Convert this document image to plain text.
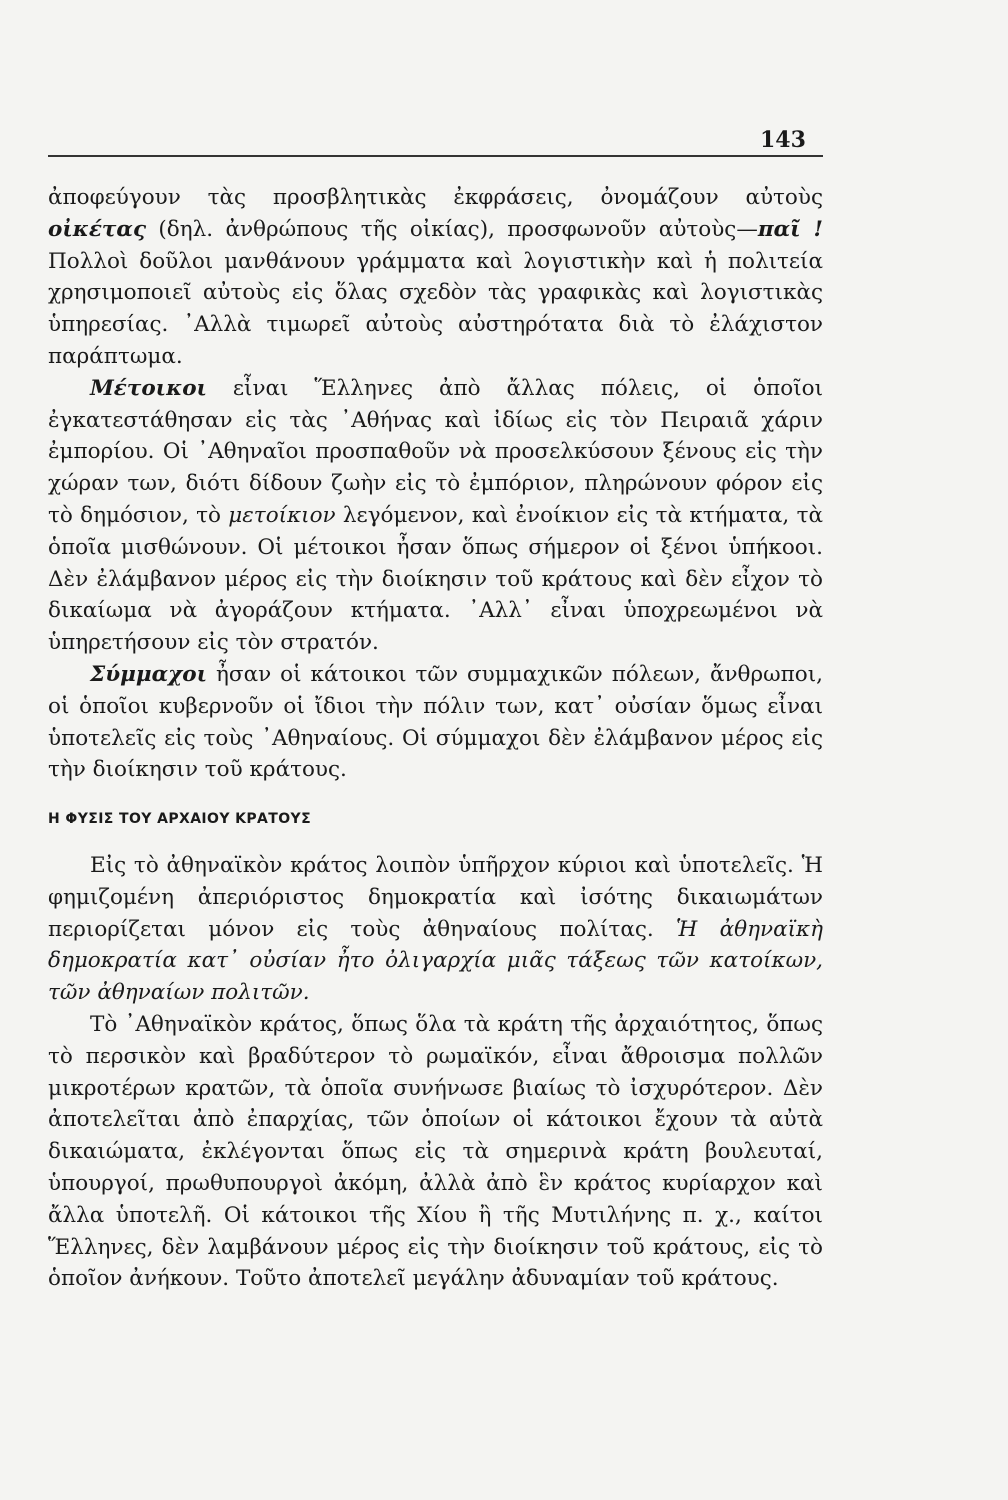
143

ἀποφεύγουν τὰς προσβλητικὰς ἐκφράσεις, ὀνομάζουν αὐτοὺς οἰκέτας (δηλ. ἀνθρώπους τῆς οἰκίας), προσφωνοῦν αὐτοὺς—παῖ ! Πολλοὶ δοῦλοι μανθάνουν γράμματα καὶ λογιστικὴν καὶ ἡ πολιτεία χρησιμοποιεῖ αὐτοὺς εἰς ὅλας σχεδὸν τὰς γραφικὰς καὶ λογιστικὰς ὑπηρεσίας. ᾿Αλλὰ τιμωρεῖ αὐτοὺς αὐστηρότατα διὰ τὸ ἐλάχιστον παράπτωμα.

Μέτοικοι εἶναι Ἕλληνες ἀπὸ ἄλλας πόλεις, οἱ ὁποῖοι ἐγκατεστάθησαν εἰς τὰς ᾿Αθήνας καὶ ἰδίως εἰς τὸν Πειραιᾶ χάριν ἐμπορίου. Οἱ ᾿Αθηναῖοι προσπαθοῦν νὰ προσελκύσουν ξένους εἰς τὴν χώραν των, διότι δίδουν ζωὴν εἰς τὸ ἐμπόριον, πληρώνουν φόρον εἰς τὸ δημόσιον, τὸ μετοίκιον λεγόμενον, καὶ ἐνοίκιον εἰς τὰ κτήματα, τὰ ὁποῖα μισθώνουν. Οἱ μέτοικοι ἦσαν ὅπως σήμερον οἱ ξένοι ὑπήκοοι. Δὲν ἐλάμβανον μέρος εἰς τὴν διοίκησιν τοῦ κράτους καὶ δὲν εἶχον τὸ δικαίωμα νὰ ἀγοράζουν κτήματα. ᾿Αλλ᾿ εἶναι ὑποχρεωμένοι νὰ ὑπηρετήσουν εἰς τὸν στρατόν.

Σύμμαχοι ἦσαν οἱ κάτοικοι τῶν συμμαχικῶν πόλεων, ἄνθρωποι, οἱ ὁποῖοι κυβερνοῦν οἱ ἴδιοι τὴν πόλιν των, κατ᾿ οὐσίαν ὅμως εἶναι ὑποτελεῖς εἰς τοὺς ᾿Αθηναίους. Οἱ σύμμαχοι δὲν ἐλάμβανον μέρος εἰς τὴν διοίκησιν τοῦ κράτους.

Η ΦΥΣΙΣ ΤΟΥ ΑΡΧΑΙΟΥ ΚΡΑΤΟΥΣ

Εἰς τὸ ἀθηναϊκὸν κράτος λοιπὸν ὑπῆρχον κύριοι καὶ ὑποτελεῖς. Ἡ φημιζομένη ἀπεριόριστος δημοκρατία καὶ ἰσότης δικαιωμάτων περιορίζεται μόνον εἰς τοὺς ἀθηναίους πολίτας. Ἡ ἀθηναϊκὴ δημοκρατία κατ᾿ οὐσίαν ἦτο ὀλιγαρχία μιᾶς τάξεως τῶν κατοίκων, τῶν ἀθηναίων πολιτῶν.

Τὸ ᾿Αθηναϊκὸν κράτος, ὅπως ὅλα τὰ κράτη τῆς ἀρχαιότητος, ὅπως τὸ περσικὸν καὶ βραδύτερον τὸ ρωμαϊκόν, εἶναι ἄθροισμα πολλῶν μικροτέρων κρατῶν, τὰ ὁποῖα συνήνωσε βιαίως τὸ ἰσχυρότερον. Δὲν ἀποτελεῖται ἀπὸ ἐπαρχίας, τῶν ὁποίων οἱ κάτοικοι ἔχουν τὰ αὐτὰ δικαιώματα, ἐκλέγονται ὅπως εἰς τὰ σημερινὰ κράτη βουλευταί, ὑπουργοί, πρωθυπουργοὶ ἀκόμη, ἀλλὰ ἀπὸ ἓν κράτος κυρίαρχον καὶ ἄλλα ὑποτελῆ. Οἱ κάτοικοι τῆς Χίου ἢ τῆς Μυτιλήνης π. χ., καίτοι Ἕλληνες, δὲν λαμβάνουν μέρος εἰς τὴν διοίκησιν τοῦ κράτους, εἰς τὸ ὁποῖον ἀνήκουν. Τοῦτο ἀποτελεῖ μεγάλην ἀδυναμίαν τοῦ κράτους.
